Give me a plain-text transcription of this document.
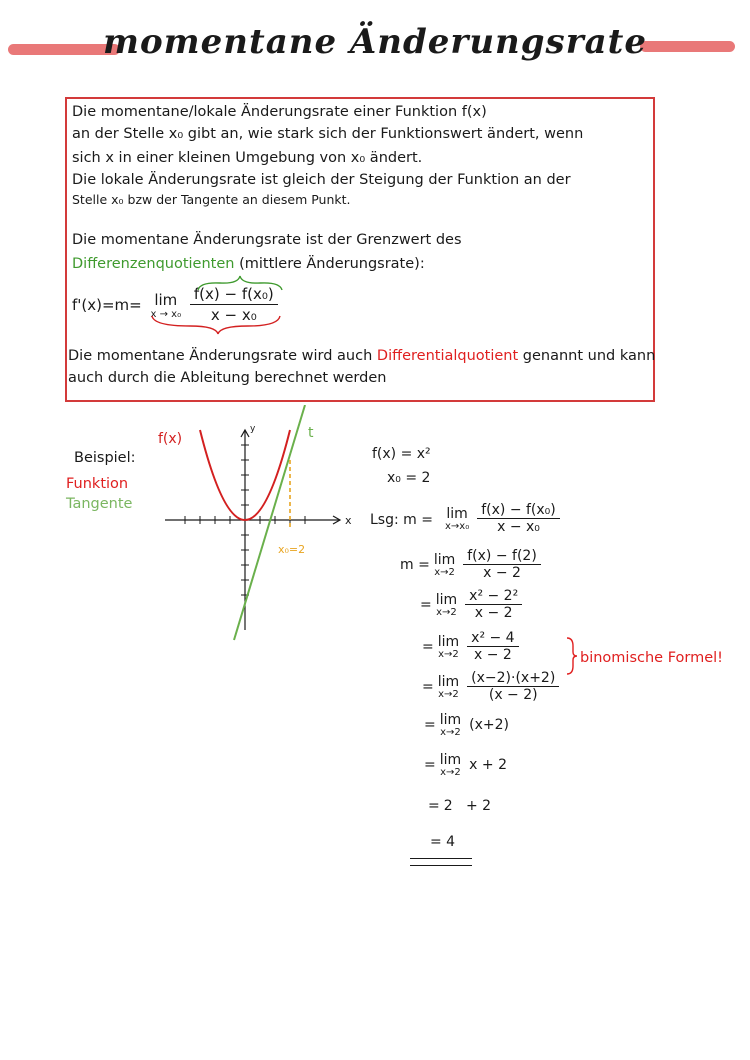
momentane Änderungsrate
Die momentane/lokale Änderungsrate einer Funktion f(x)
an der Stelle x₀ gibt an, wie stark sich der Funktionswert ändert, wenn
sich x in einer kleinen Umgebung von x₀ ändert.
Die lokale Änderungsrate ist gleich der Steigung der Funktion an der
Stelle x₀ bzw der Tangente an diesem Punkt.
Die momentane Änderungsrate ist der Grenzwert des
Differenzenquotienten (mittlere Änderungsrate):
f'(x)=m= lim
x → x₀
$\frac{\text{f(x) − f(x₀)}}{\text{x − x₀}}$
Die momentane Änderungsrate wird auch Differentialquotient genannt und kann
auch durch die Ableitung berechnet werden
Beispiel:
Funktion
Tangente
f(x)	t
x
y
x₀=2
f(x) = x²
x₀ = 2
Lsg: m = lim
$x\to x_0 \frac{\text{f(x) − f(x₀)}}{\text{x − x₀}}$
m = lim
$x\to 2 \frac{f(x) - f(2)}{x - 2}$
= lim
$x\to 2 \frac{\text{x² − 2²}}{x - 2}$
= lim
$x\to 2 \frac{\text{x² − 4}}{x - 2}$
= lim
$x\to 2 \frac{(x-2)\cdot(x+2)}{(x - 2)}$
= lim
x→2 (x+2)
= lim
x→2 x + 2
=2   + 2
= 4
binomische Formel!
